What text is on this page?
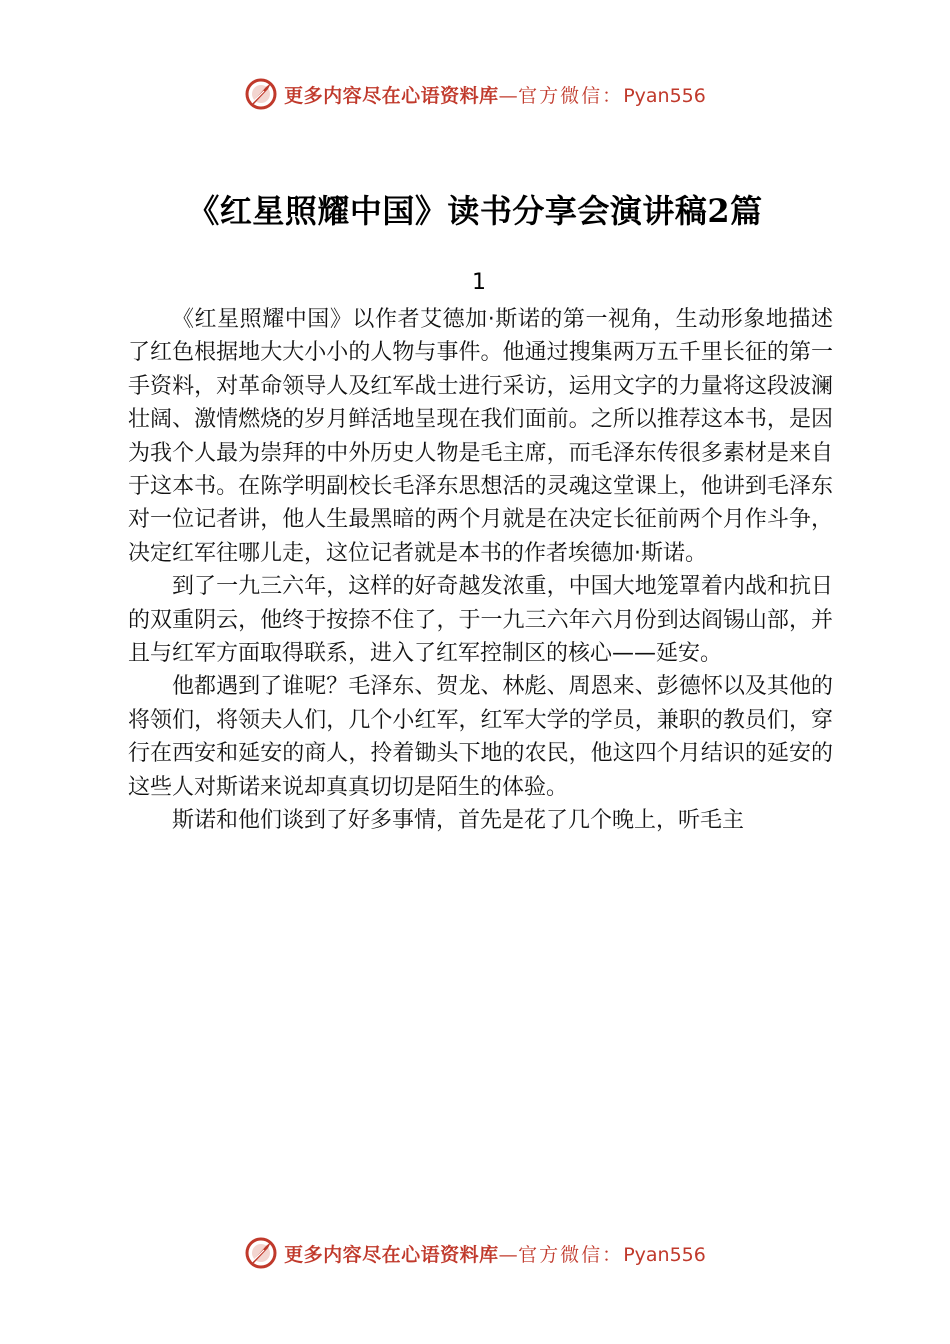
更多内容尽在心语资料库—官方微信：Pyan556
《红星照耀中国》读书分享会演讲稿2篇
1

《红星照耀中国》以作者艾德加·斯诺的第一视角，生动形象地描述了红色根据地大大小小的人物与事件。他通过搜集两万五千里长征的第一手资料，对革命领导人及红军战士进行采访，运用文字的力量将这段波澜壮阔、激情燃烧的岁月鲜活地呈现在我们面前。之所以推荐这本书，是因为我个人最为崇拜的中外历史人物是毛主席，而毛泽东传很多素材是来自于这本书。在陈学明副校长毛泽东思想活的灵魂这堂课上，他讲到毛泽东对一位记者讲，他人生最黑暗的两个月就是在决定长征前两个月作斗争，决定红军往哪儿走，这位记者就是本书的作者埃德加·斯诺。

到了一九三六年，这样的好奇越发浓重，中国大地笼罩着内战和抗日的双重阴云，他终于按捺不住了，于一九三六年六月份到达阎锡山部，并且与红军方面取得联系，进入了红军控制区的核心——延安。

他都遇到了谁呢？毛泽东、贺龙、林彪、周恩来、彭德怀以及其他的将领们，将领夫人们，几个小红军，红军大学的学员，兼职的教员们，穿行在西安和延安的商人，拎着锄头下地的农民，他这四个月结识的延安的这些人对斯诺来说却真真切切是陌生的体验。

斯诺和他们谈到了好多事情，首先是花了几个晚上，听毛主

更多内容尽在心语资料库—官方微信：Pyan556
